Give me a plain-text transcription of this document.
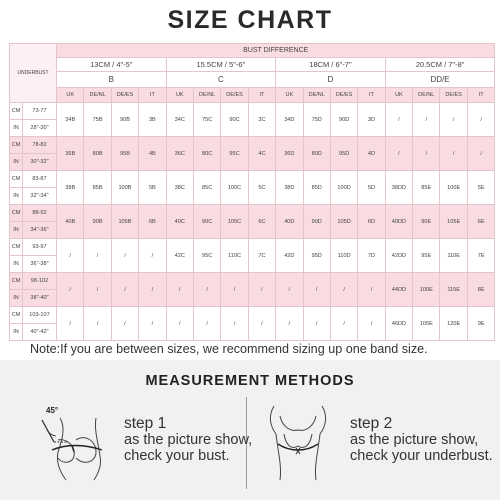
SIZE CHART
UNDERBUST		BUST DIFFERENCE															
		13CM / 4"-5"				15.5CM / 5"-6"				18CM / 6"-7"				20.5CM / 7"-8"			
		B				C				D				DD/E			
		UK	DE/NL	DE/ES	IT	UK	DE/NL	DE/ES	IT	UK	DE/NL	DE/ES	IT	UK	DE/NL	DE/ES	IT
CM	73-77	34B	75B	90B	3B	34C	75C	90C	3C	34D	75D	90D	3D	/	/	/	/
IN	28"-30"																
CM	78-82	36B	80B	95B	4B	36C	80C	95C	4C	36D	80D	95D	4D	/	/	/	/
IN	30"-32"																
CM	83-87	38B	85B	100B	5B	38C	85C	100C	5C	38D	85D	100D	5D	38DD	85E	100E	5E
IN	32"-34"																
CM	88-92	40B	90B	105B	6B	40C	90C	105C	6C	40D	90D	105D	6D	40DD	90E	105E	6E
IN	34"-36"																
CM	93-97	/	/	/	/	42C	95C	110C	7C	42D	95D	110D	7D	42DD	95E	110E	7E
IN	36"-38"																
CM	98-102	/	/	/	/	/	/	/	/	/	/	/	/	44DD	100E	115E	8E
IN	38"-40"																
CM	103-107	/	/	/	/	/	/	/	/	/	/	/	/	46DD	105E	120E	9E
IN	40"-42"																
Note:If you are between sizes, we recommend sizing up one band size.
MEASUREMENT METHODS
45°
step 1
as the picture show,
check your bust.
step 2
as the picture show,
check your underbust.
